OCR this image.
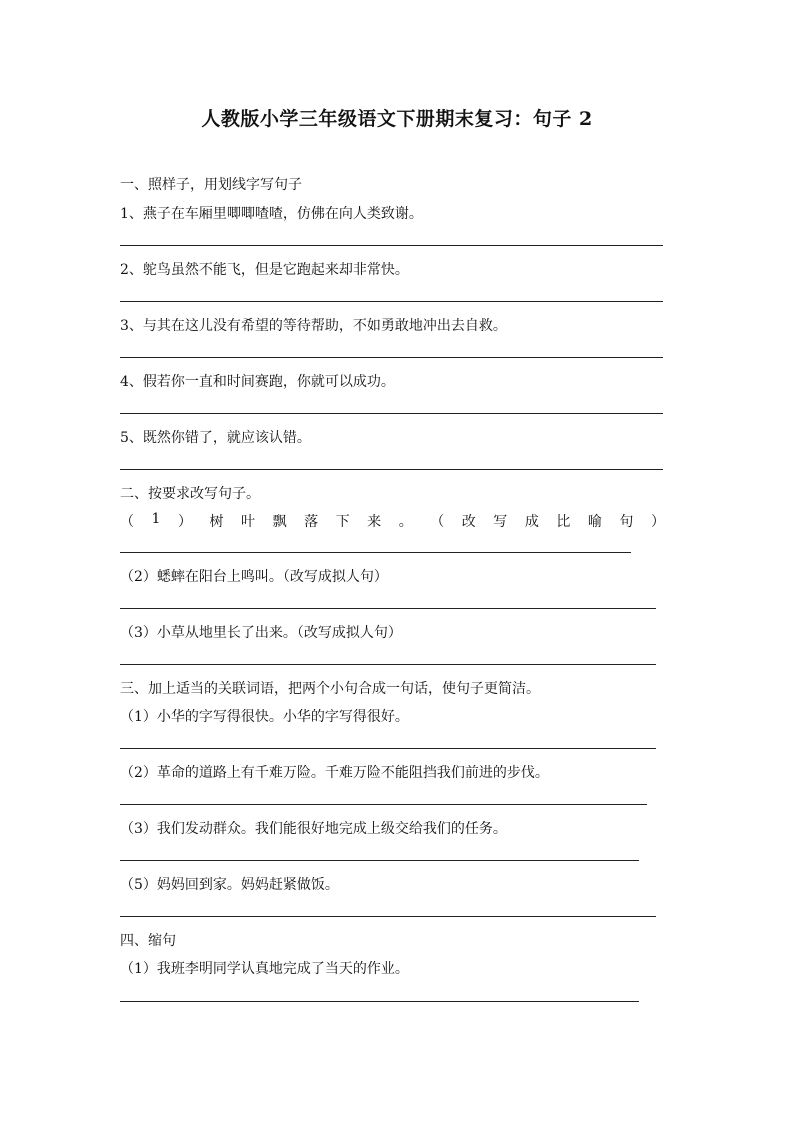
人教版小学三年级语文下册期末复习：句子 2
一、照样子，用划线字写句子
1、燕子在车厢里唧唧喳喳，仿佛在向人类致谢。
2、鸵鸟虽然不能飞，但是它跑起来却非常快。
3、与其在这儿没有希望的等待帮助，不如勇敢地冲出去自救。
4、假若你一直和时间赛跑，你就可以成功。
5、既然你错了，就应该认错。
二、按要求改写句子。
（ 1 ） 树 叶 飘 落 下 来 。 （ 改 写 成 比 喻 句 ）
（2）蟋蟀在阳台上鸣叫。（改写成拟人句）
（3）小草从地里长了出来。（改写成拟人句）
三、加上适当的关联词语，把两个小句合成一句话，使句子更简洁。
（1）小华的字写得很快。小华的字写得很好。
（2）革命的道路上有千难万险。千难万险不能阻挡我们前进的步伐。
（3）我们发动群众。我们能很好地完成上级交给我们的任务。
（5）妈妈回到家。妈妈赶紧做饭。
四、缩句
（1）我班李明同学认真地完成了当天的作业。
